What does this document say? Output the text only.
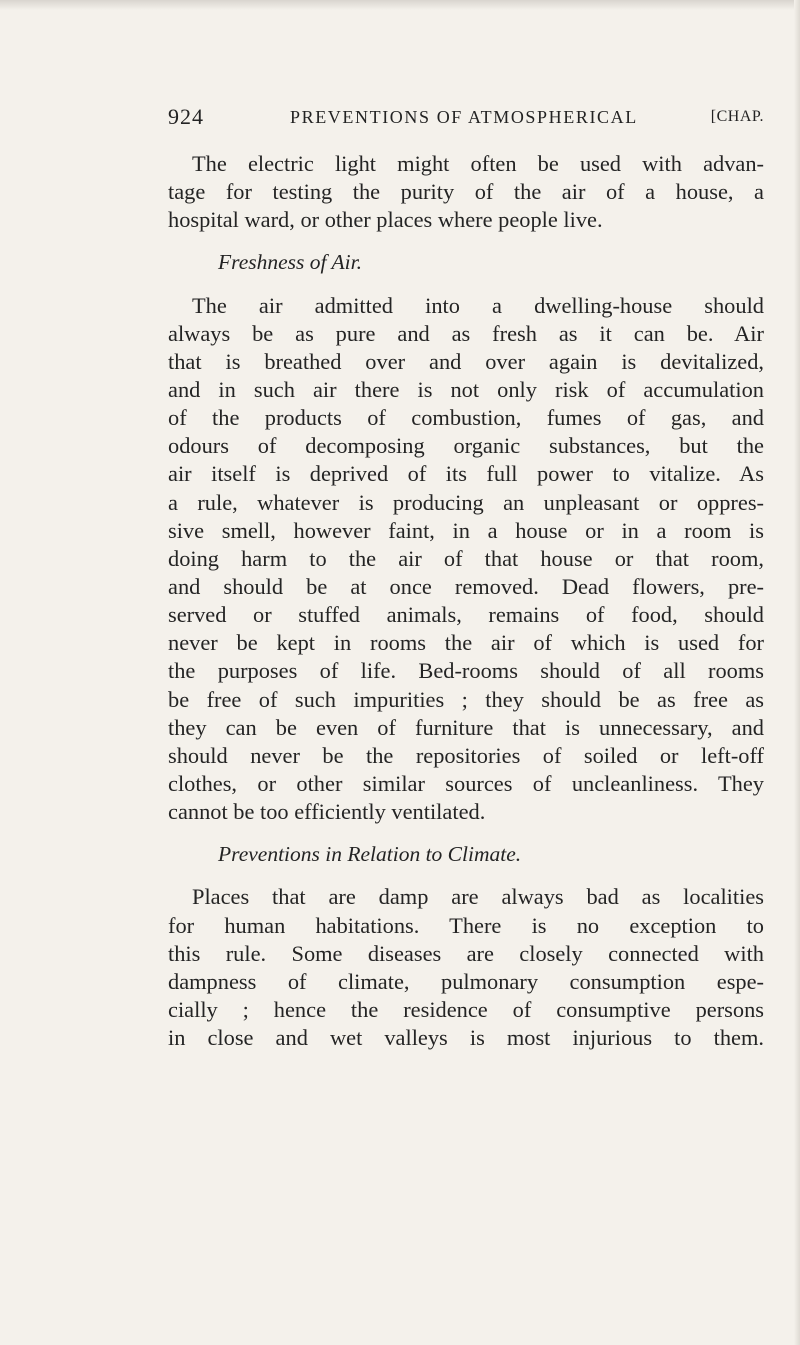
924	PREVENTIONS OF ATMOSPHERICAL	[CHAP.
The electric light might often be used with advan-
tage for testing the purity of the air of a house, a
hospital ward, or other places where people live.
Freshness of Air.
The air admitted into a dwelling-house should
always be as pure and as fresh as it can be. Air
that is breathed over and over again is devitalized,
and in such air there is not only risk of accumulation
of the products of combustion, fumes of gas, and
odours of decomposing organic substances, but the
air itself is deprived of its full power to vitalize. As
a rule, whatever is producing an unpleasant or oppres-
sive smell, however faint, in a house or in a room is
doing harm to the air of that house or that room,
and should be at once removed. Dead flowers, pre-
served or stuffed animals, remains of food, should
never be kept in rooms the air of which is used for
the purposes of life. Bed-rooms should of all rooms
be free of such impurities ; they should be as free as
they can be even of furniture that is unnecessary, and
should never be the repositories of soiled or left-off
clothes, or other similar sources of uncleanliness. They
cannot be too efficiently ventilated.
Preventions in Relation to Climate.
Places that are damp are always bad as localities
for human habitations. There is no exception to
this rule. Some diseases are closely connected with
dampness of climate, pulmonary consumption espe-
cially ; hence the residence of consumptive persons
in close and wet valleys is most injurious to them.
